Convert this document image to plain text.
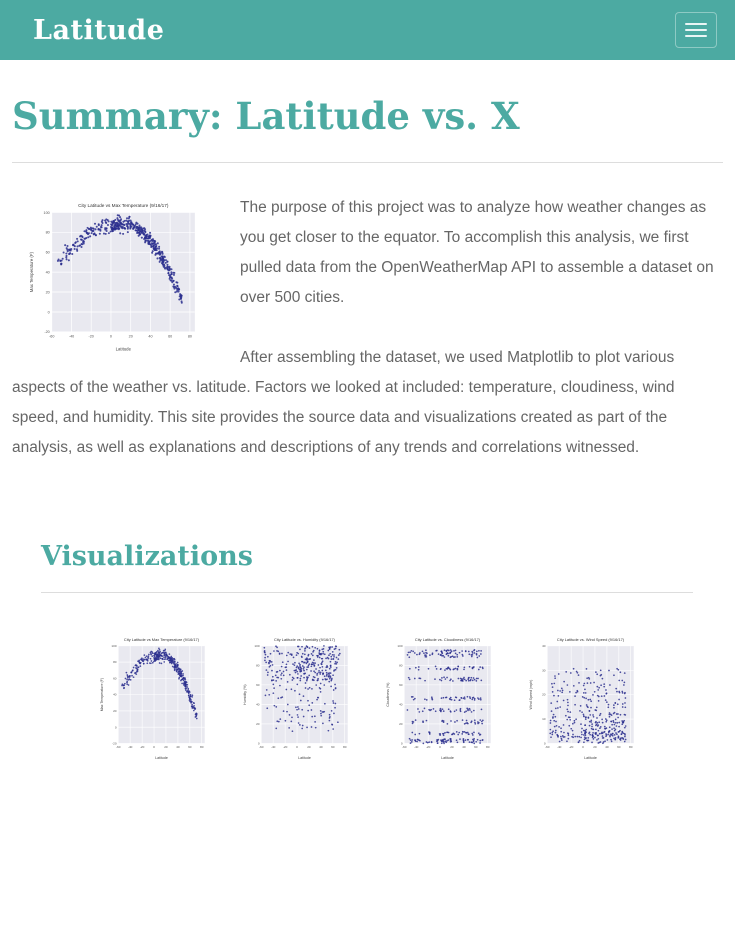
Latitude
Summary: Latitude vs. X
-60	-40	-20	0	20	40	60	80
-20
0
20
40
60
80
100
City Latitude vs Max Temperature (9/16/17)
Latitude
Max Temperature (F)

The purpose of this project was to analyze how weather changes as you get closer to the equator. To accomplish this analysis, we first pulled data from the OpenWeatherMap API to assemble a dataset on over 500 cities.

After assembling the dataset, we used Matplotlib to plot various aspects of the weather vs. latitude. Factors we looked at included: temperature, cloudiness, wind speed, and humidity. This site provides the source data and visualizations created as part of the analysis, as well as explanations and descriptions of any trends and correlations witnessed.

Visualizations
-60 -40 -20 0	20 40 60 80
-20
0
20
40
60
80
100
City Latitude vs Max Temperature (9/16/17)
Latitude
Max Temperature (F)
-60 -40 -20 0	20 40 60 80
0
20
40
60
80
100
City Latitude vs. Humidity (9/16/17)
Latitude
Humidity (%)
-60 -40 -20 0	20 40 60 80
0
20
40
60
80
100
City Latitude vs. Cloudiness (9/16/17)
Latitude
Cloudiness (%)
-60 -40 -20 0	20 40 60 80
0
10
20
30
40
City Latitude vs. Wind Speed (9/16/17)
Latitude
Wind Speed (mph)
